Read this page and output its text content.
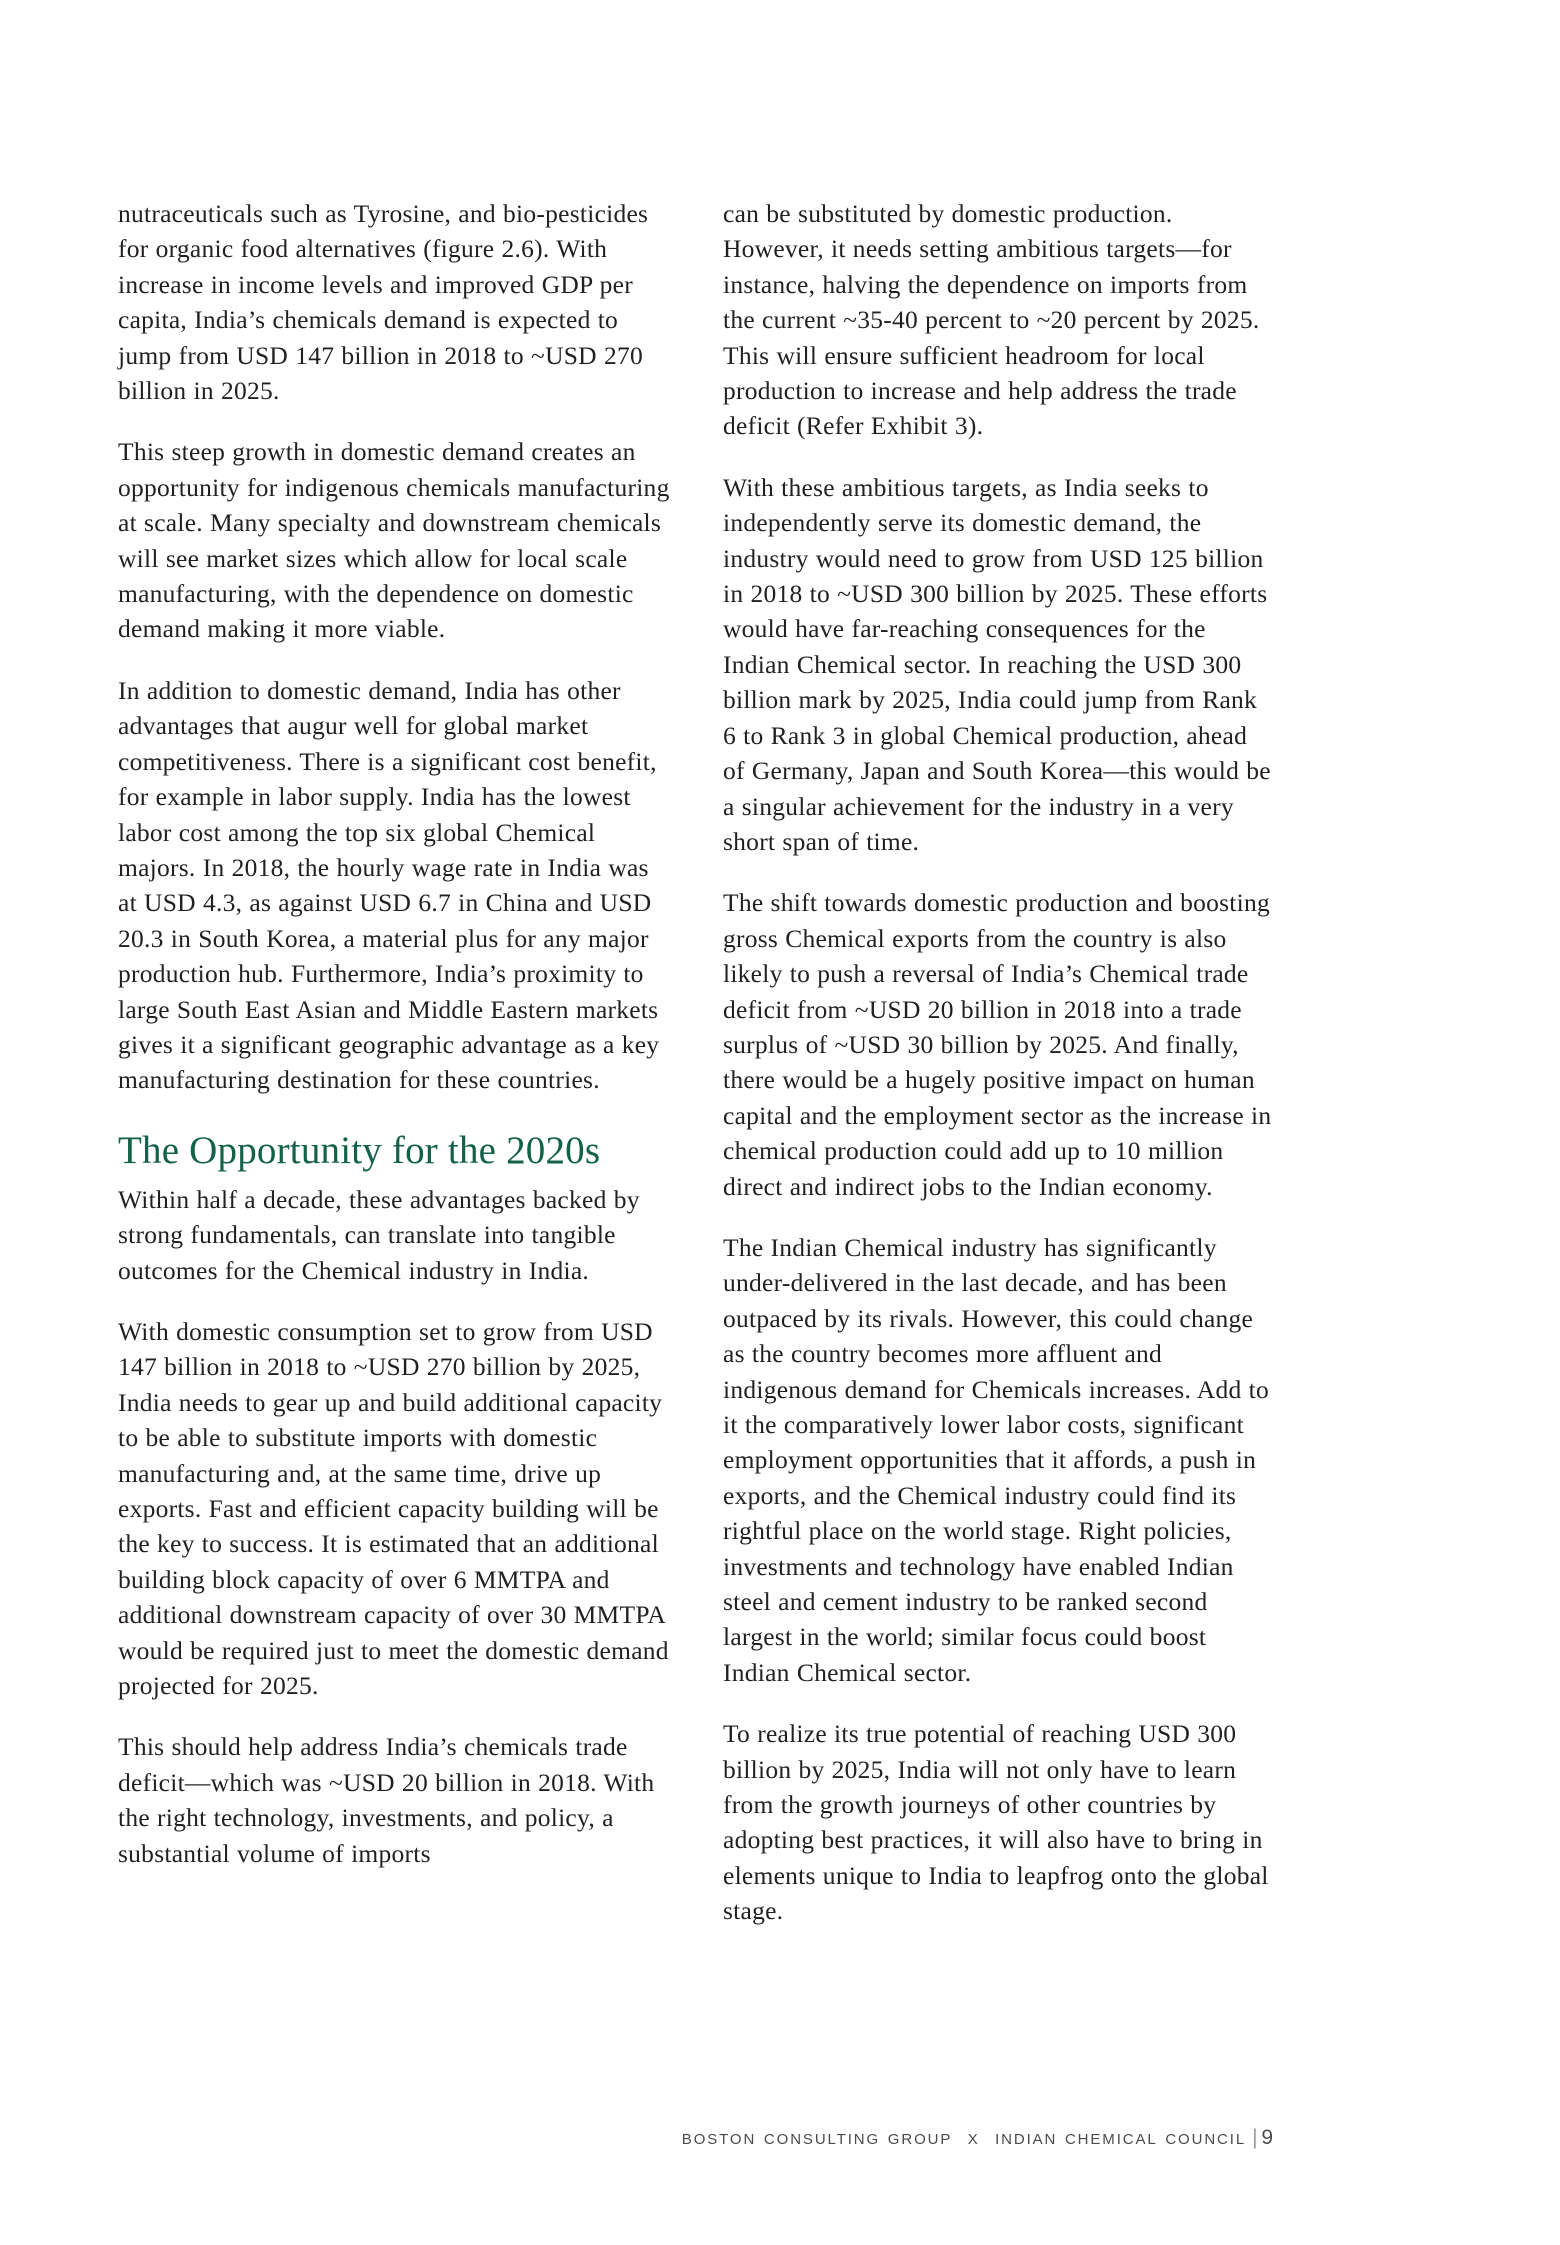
nutraceuticals such as Tyrosine, and bio-pesticides for organic food alternatives (figure 2.6). With increase in income levels and improved GDP per capita, India’s chemicals demand is expected to jump from USD 147 billion in 2018 to ~USD 270 billion in 2025.

This steep growth in domestic demand creates an opportunity for indigenous chemicals manufacturing at scale. Many specialty and downstream chemicals will see market sizes which allow for local scale manufacturing, with the dependence on domestic demand making it more viable.

In addition to domestic demand, India has other advantages that augur well for global market competitiveness. There is a significant cost benefit, for example in labor supply. India has the lowest labor cost among the top six global Chemical majors. In 2018, the hourly wage rate in India was at USD 4.3, as against USD 6.7 in China and USD 20.3 in South Korea, a material plus for any major production hub. Furthermore, India’s proximity to large South East Asian and Middle Eastern markets gives it a significant geographic advantage as a key manufacturing destination for these countries.

The Opportunity for the 2020s

Within half a decade, these advantages backed by strong fundamentals, can translate into tangible outcomes for the Chemical industry in India.

With domestic consumption set to grow from USD 147 billion in 2018 to ~USD 270 billion by 2025, India needs to gear up and build additional capacity to be able to substitute imports with domestic manufacturing and, at the same time, drive up exports. Fast and efficient capacity building will be the key to success. It is estimated that an additional building block capacity of over 6 MMTPA and additional downstream capacity of over 30 MMTPA would be required just to meet the domestic demand projected for 2025.

This should help address India’s chemicals trade deficit—which was ~USD 20 billion in 2018. With the right technology, investments, and policy, a substantial volume of imports

can be substituted by domestic production. However, it needs setting ambitious targets—for instance, halving the dependence on imports from the current ~35-40 percent to ~20 percent by 2025. This will ensure sufficient headroom for local production to increase and help address the trade deficit (Refer Exhibit 3).

With these ambitious targets, as India seeks to independently serve its domestic demand, the industry would need to grow from USD 125 billion in 2018 to ~USD 300 billion by 2025. These efforts would have far-reaching consequences for the Indian Chemical sector. In reaching the USD 300 billion mark by 2025, India could jump from Rank 6 to Rank 3 in global Chemical production, ahead of Germany, Japan and South Korea—this would be a singular achievement for the industry in a very short span of time.

The shift towards domestic production and boosting gross Chemical exports from the country is also likely to push a reversal of India’s Chemical trade deficit from ~USD 20 billion in 2018 into a trade surplus of ~USD 30 billion by 2025. And finally, there would be a hugely positive impact on human capital and the employment sector as the increase in chemical production could add up to 10 million direct and indirect jobs to the Indian economy.

The Indian Chemical industry has significantly under-delivered in the last decade, and has been outpaced by its rivals. However, this could change as the country becomes more affluent and indigenous demand for Chemicals increases. Add to it the comparatively lower labor costs, significant employment opportunities that it affords, a push in exports, and the Chemical industry could find its rightful place on the world stage. Right policies, investments and technology have enabled Indian steel and cement industry to be ranked second largest in the world; similar focus could boost Indian Chemical sector.

To realize its true potential of reaching USD 300 billion by 2025, India will not only have to learn from the growth journeys of other countries by adopting best practices, it will also have to bring in elements unique to India to leapfrog onto the global stage.

boston consulting group x indian chemical council |9
